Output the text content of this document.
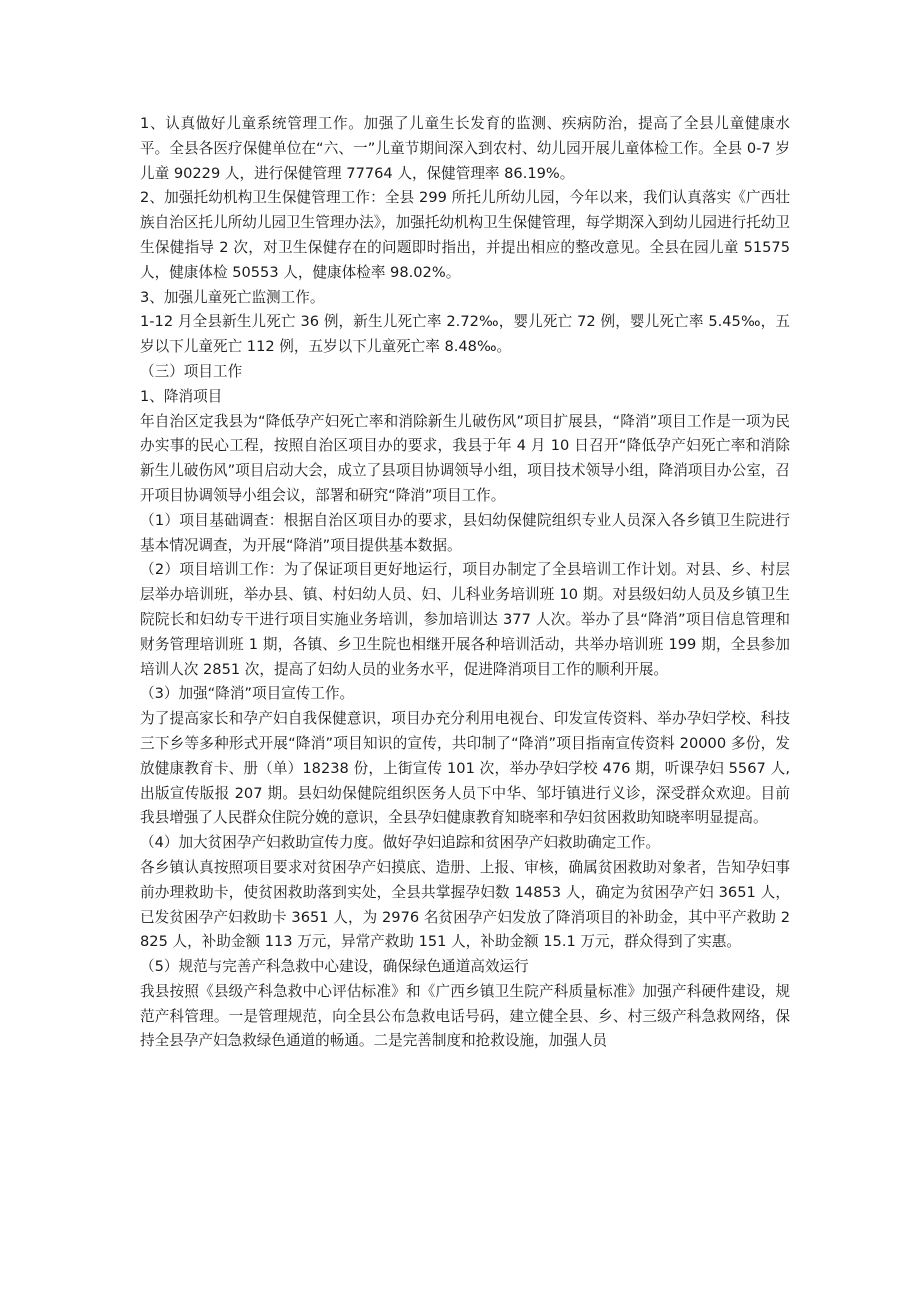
1、认真做好儿童系统管理工作。加强了儿童生长发育的监测、疾病防治，提高了全县儿童健康水平。全县各医疗保健单位在“六、一”儿童节期间深入到农村、幼儿园开展儿童体检工作。全县 0-7 岁儿童 90229 人，进行保健管理 77764 人，保健管理率 86.19%。

2、加强托幼机构卫生保健管理工作：全县 299 所托儿所幼儿园，今年以来，我们认真落实《广西壮族自治区托儿所幼儿园卫生管理办法》，加强托幼机构卫生保健管理，每学期深入到幼儿园进行托幼卫生保健指导 2 次，对卫生保健存在的问题即时指出，并提出相应的整改意见。全县在园儿童 51575 人，健康体检 50553 人，健康体检率 98.02%。

3、加强儿童死亡监测工作。

1-12 月全县新生儿死亡 36 例，新生儿死亡率 2.72‰，婴儿死亡 72 例，婴儿死亡率 5.45‰，五岁以下儿童死亡 112 例，五岁以下儿童死亡率 8.48‰。

（三）项目工作

1、降消项目

年自治区定我县为“降低孕产妇死亡率和消除新生儿破伤风”项目扩展县，“降消”项目工作是一项为民办实事的民心工程，按照自治区项目办的要求，我县于年 4 月 10 日召开“降低孕产妇死亡率和消除新生儿破伤风”项目启动大会，成立了县项目协调领导小组，项目技术领导小组，降消项目办公室，召开项目协调领导小组会议，部署和研究“降消”项目工作。

（1）项目基础调查：根据自治区项目办的要求，县妇幼保健院组织专业人员深入各乡镇卫生院进行基本情况调查，为开展“降消”项目提供基本数据。

（2）项目培训工作：为了保证项目更好地运行，项目办制定了全县培训工作计划。对县、乡、村层层举办培训班，举办县、镇、村妇幼人员、妇、儿科业务培训班 10 期。对县级妇幼人员及乡镇卫生院院长和妇幼专干进行项目实施业务培训，参加培训达 377 人次。举办了县“降消”项目信息管理和财务管理培训班 1 期，各镇、乡卫生院也相继开展各种培训活动，共举办培训班 199 期，全县参加培训人次 2851 次，提高了妇幼人员的业务水平，促进降消项目工作的顺利开展。

（3）加强“降消”项目宣传工作。

为了提高家长和孕产妇自我保健意识，项目办充分利用电视台、印发宣传资料、举办孕妇学校、科技三下乡等多种形式开展“降消”项目知识的宣传，共印制了“降消”项目指南宣传资料 20000 多份，发放健康教育卡、册（单）18238 份，上街宣传 101 次，举办孕妇学校 476 期，听课孕妇 5567 人,出版宣传版报 207 期。县妇幼保健院组织医务人员下中华、邹圩镇进行义诊，深受群众欢迎。目前我县增强了人民群众住院分娩的意识，全县孕妇健康教育知晓率和孕妇贫困救助知晓率明显提高。

（4）加大贫困孕产妇救助宣传力度。做好孕妇追踪和贫困孕产妇救助确定工作。

各乡镇认真按照项目要求对贫困孕产妇摸底、造册、上报、审核，确属贫困救助对象者，告知孕妇事前办理救助卡，使贫困救助落到实处，全县共掌握孕妇数 14853 人，确定为贫困孕产妇 3651 人，已发贫困孕产妇救助卡 3651 人，为 2976 名贫困孕产妇发放了降消项目的补助金，其中平产救助 2825 人，补助金额 113 万元，异常产救助 151 人，补助金额 15.1 万元，群众得到了实惠。

（5）规范与完善产科急救中心建设，确保绿色通道高效运行

我县按照《县级产科急救中心评估标准》和《广西乡镇卫生院产科质量标准》加强产科硬件建设，规范产科管理。一是管理规范，向全县公布急救电话号码，建立健全县、乡、村三级产科急救网络，保持全县孕产妇急救绿色通道的畅通。二是完善制度和抢救设施，加强人员
